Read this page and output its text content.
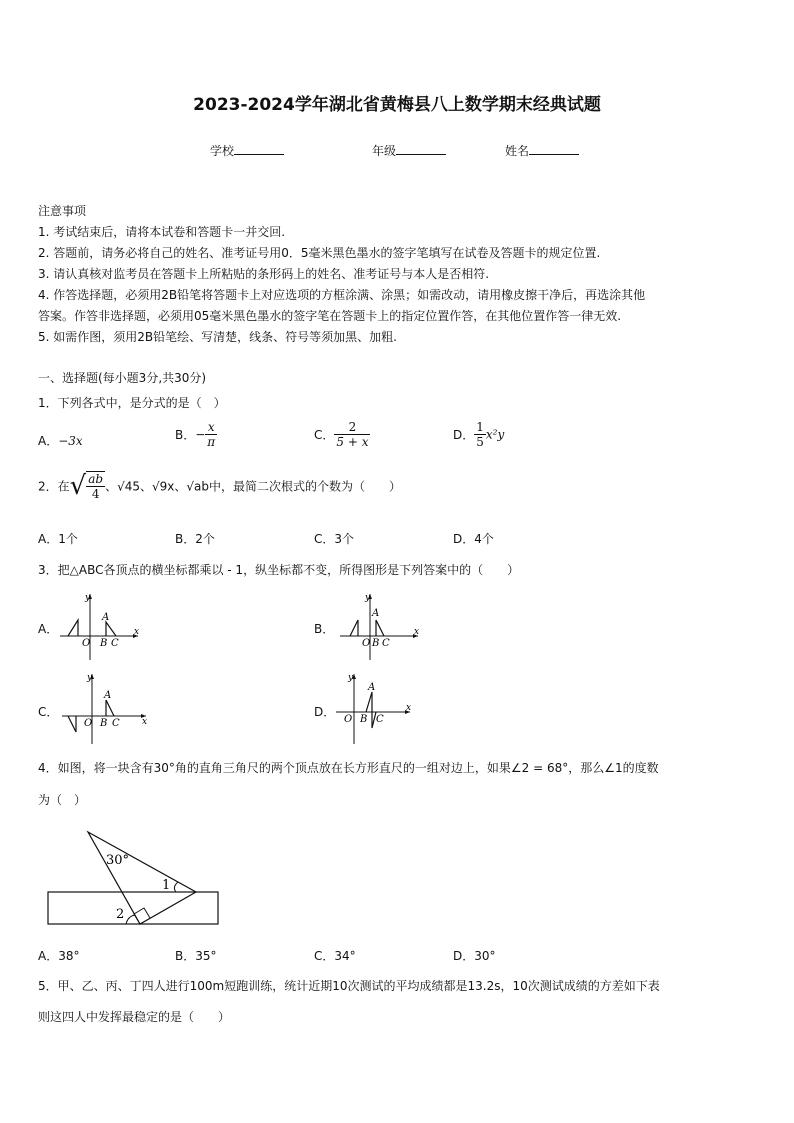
2023-2024学年湖北省黄梅县八上数学期末经典试题
学校	年级	姓名
注意事项
1. 考试结束后，请将本试卷和答题卡一并交回.
2. 答题前，请务必将自己的姓名、准考证号用0．5毫米黑色墨水的签字笔填写在试卷及答题卡的规定位置.
3. 请认真核对监考员在答题卡上所粘贴的条形码上的姓名、准考证号与本人是否相符.
4. 作答选择题，必须用2B铅笔将答题卡上对应选项的方框涂满、涂黑；如需改动，请用橡皮擦干净后，再选涂其他
答案。作答非选择题，必须用05毫米黑色墨水的签字笔在答题卡上的指定位置作答，在其他位置作答一律无效.
5. 如需作图，须用2B铅笔绘、写清楚，线条、符号等须加黑、加粗.
一、选择题(每小题3分,共30分)
1．下列各式中，是分式的是（　）
A．−3x	B．− $\frac{x}{\pi}$	C． $\frac{2}{5 + x}$	D． $\frac{1}{5} x^2y$
2．在√ $\frac{ab}{4}$ 、√45、√9x、√ab中，最简二次根式的个数为（　　）
A．1个	B．2个	C．3个	D．4个
3．把△ABC各顶点的横坐标都乘以 - 1，纵坐标都不变，所得图形是下列答案中的（　　）
A．
y
x
O
A
B C
B．
y
x
O
A
B C
C．
y
x
O
A
B C
D．
y
x
O
A
B C
4．如图，将一块含有30°角的直角三角尺的两个顶点放在长方形直尺的一组对边上，如果∠2 = 68°，那么∠1的度数
为（　）
30°
1
2
A．38°	B．35°	C．34°	D．30°
5．甲、乙、丙、丁四人进行100m短跑训练，统计近期10次测试的平均成绩都是13.2s，10次测试成绩的方差如下表
则这四人中发挥最稳定的是（　　）
